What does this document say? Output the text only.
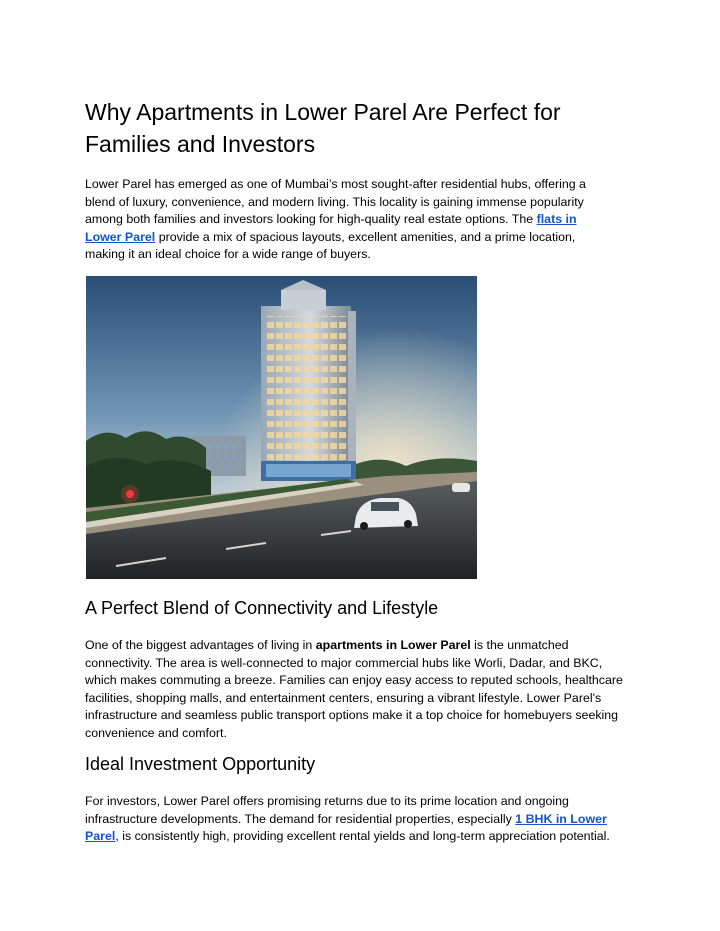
Why Apartments in Lower Parel Are Perfect for Families and Investors

Lower Parel has emerged as one of Mumbai’s most sought-after residential hubs, offering a blend of luxury, convenience, and modern living. This locality is gaining immense popularity among both families and investors looking for high-quality real estate options. The flats in Lower Parel provide a mix of spacious layouts, excellent amenities, and a prime location, making it an ideal choice for a wide range of buyers.

A Perfect Blend of Connectivity and Lifestyle

One of the biggest advantages of living in apartments in Lower Parel is the unmatched connectivity. The area is well-connected to major commercial hubs like Worli, Dadar, and BKC, which makes commuting a breeze. Families can enjoy easy access to reputed schools, healthcare facilities, shopping malls, and entertainment centers, ensuring a vibrant lifestyle. Lower Parel's infrastructure and seamless public transport options make it a top choice for homebuyers seeking convenience and comfort.

Ideal Investment Opportunity

For investors, Lower Parel offers promising returns due to its prime location and ongoing infrastructure developments. The demand for residential properties, especially 1 BHK in Lower Parel, is consistently high, providing excellent rental yields and long-term appreciation potential.
